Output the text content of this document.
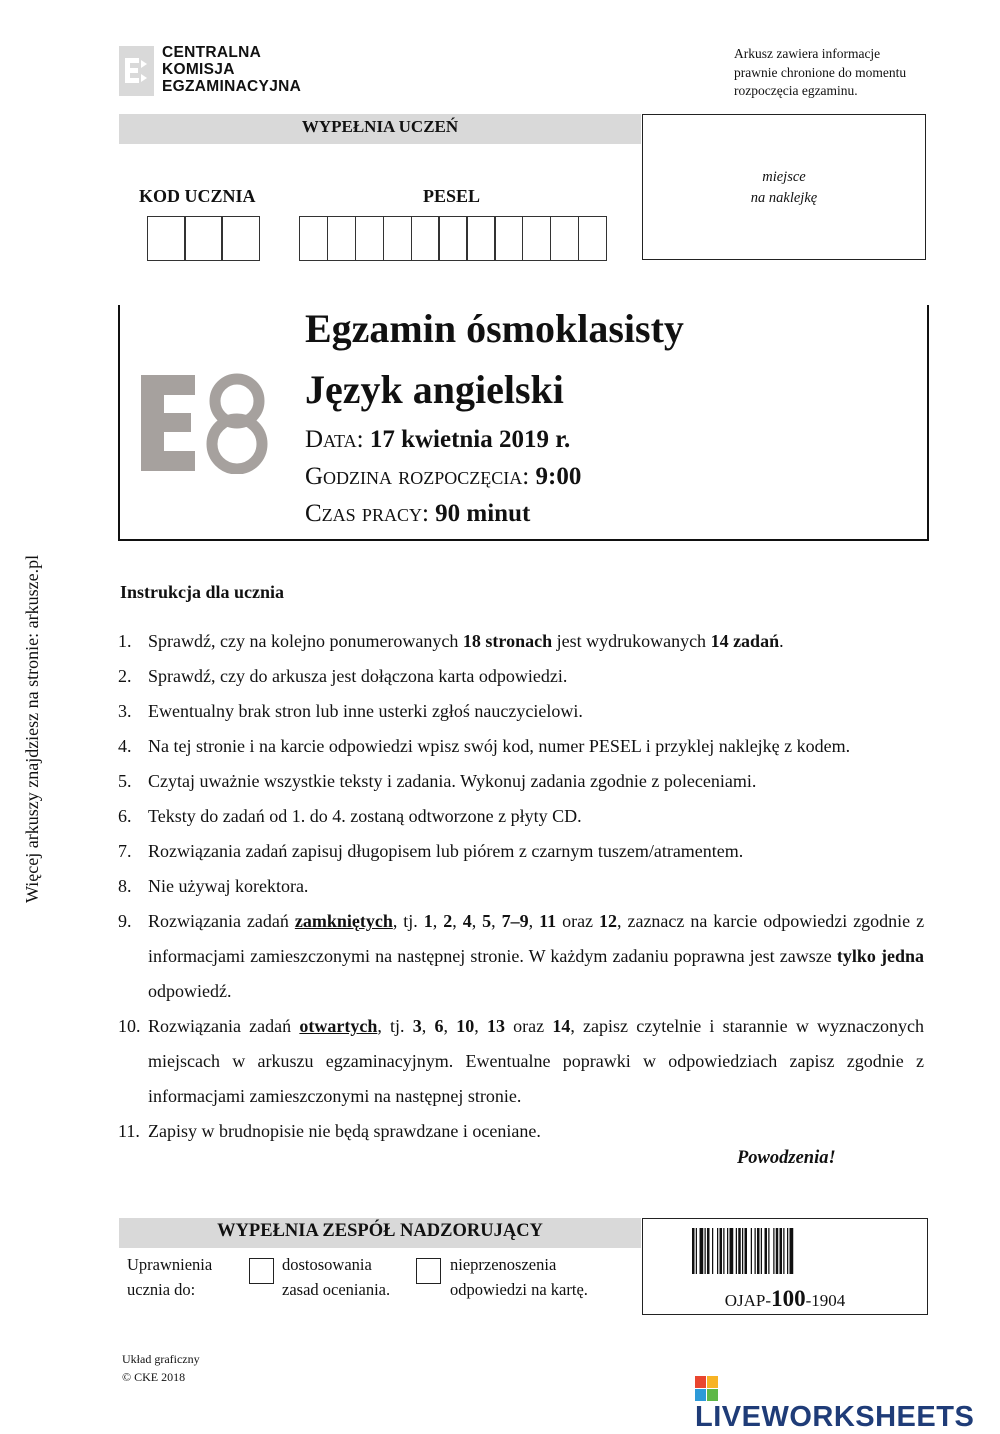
CENTRALNA
KOMISJA
EGZAMINACYJNA
Arkusz zawiera informacje
prawnie chronione do momentu
rozpoczęcia egzaminu.
WYPEŁNIA UCZEŃ
miejsce
na naklejkę
KOD UCZNIA	PESEL
Egzamin ósmoklasisty
Język angielski
Data: 17 kwietnia 2019 r.
Godzina rozpoczęcia: 9:00
Czas pracy: 90 minut
Więcej arkuszy znajdziesz na stronie: arkusze.pl	Instrukcja dla ucznia
1. Sprawdź, czy na kolejno ponumerowanych 18 stronach jest wydrukowanych 14 zadań.
2. Sprawdź, czy do arkusza jest dołączona karta odpowiedzi.
3. Ewentualny brak stron lub inne usterki zgłoś nauczycielowi.
4. Na tej stronie i na karcie odpowiedzi wpisz swój kod, numer PESEL i przyklej naklejkę z kodem.
5. Czytaj uważnie wszystkie teksty i zadania. Wykonuj zadania zgodnie z poleceniami.
6. Teksty do zadań od 1. do 4. zostaną odtworzone z płyty CD.
7. Rozwiązania zadań zapisuj długopisem lub piórem z czarnym tuszem/atramentem.
8. Nie używaj korektora.
9. Rozwiązania zadań zamkniętych, tj. 1, 2, 4, 5, 7–9, 11 oraz 12, zaznacz na karcie odpowiedzi zgodnie z informacjami zamieszczonymi na następnej stronie. W każdym zadaniu poprawna jest zawsze tylko jedna odpowiedź.
10. Rozwiązania zadań otwartych, tj. 3, 6, 10, 13 oraz 14, zapisz czytelnie i starannie w wyznaczonych miejscach w arkuszu egzaminacyjnym. Ewentualne poprawki w odpowiedziach zapisz zgodnie z informacjami zamieszczonymi na następnej stronie.
11. Zapisy w brudnopisie nie będą sprawdzane i oceniane.
Powodzenia!
WYPEŁNIA ZESPÓŁ NADZORUJĄCY
Uprawnienia
ucznia do:
dostosowania
zasad oceniania.
nieprzenoszenia
odpowiedzi na kartę.
OJAP-100-1904
Układ graficzny
© CKE 2018
LIVEWORKSHEETS
